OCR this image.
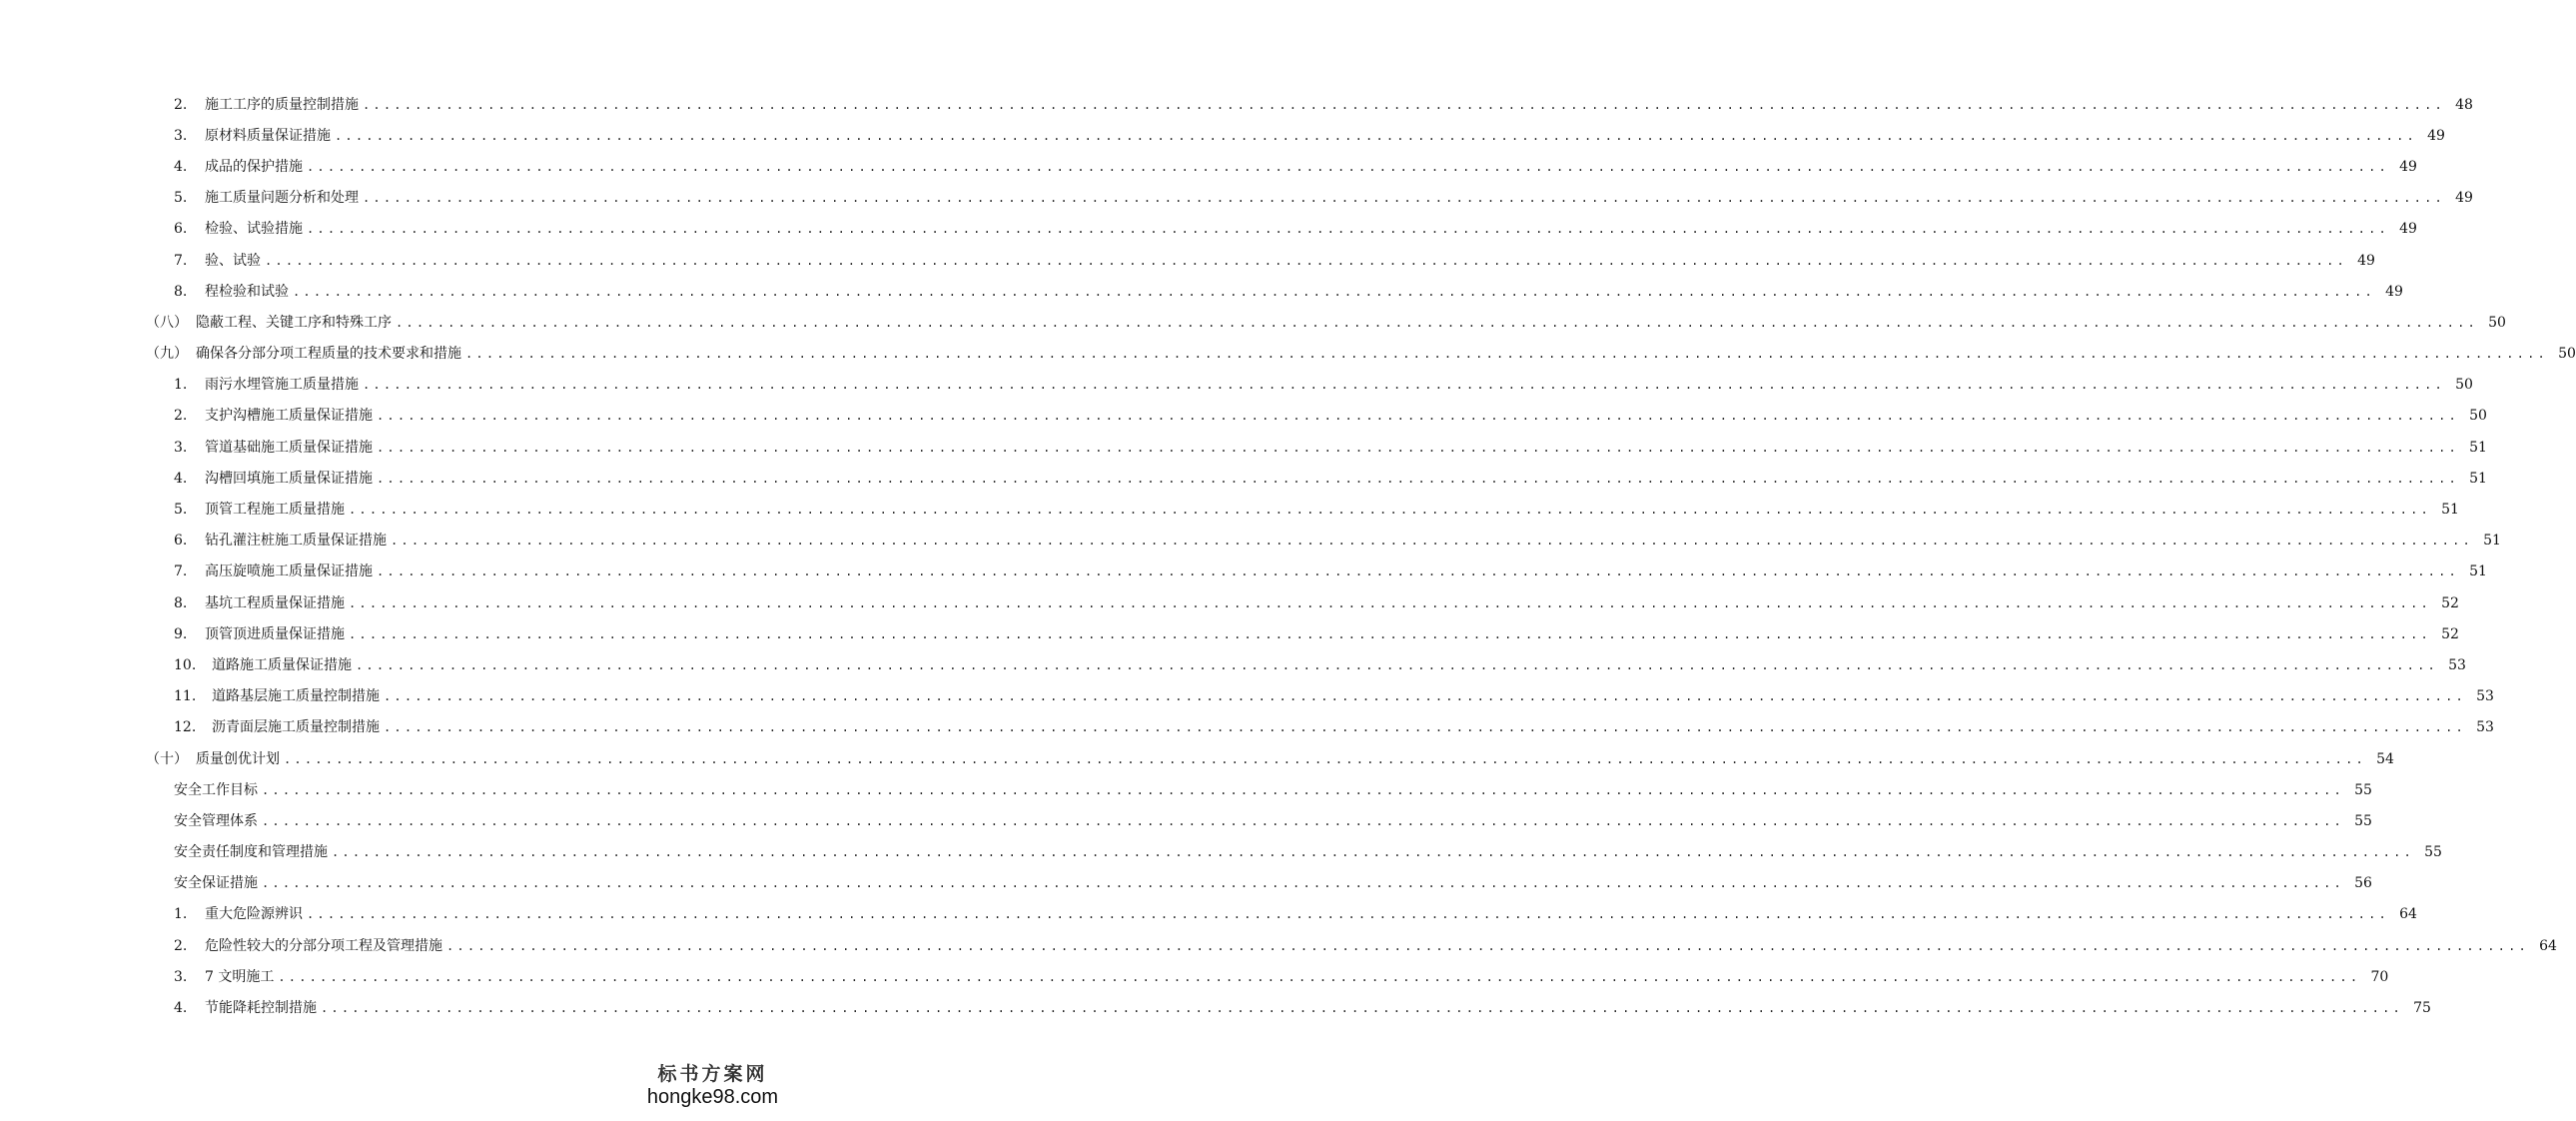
2.	施工工序的质量控制措施 ........................................................................................................................................................................................................ 48
3.	原材料质量保证措施 ........................................................................................................................................................................................................ 49
4.	成品的保护措施 ........................................................................................................................................................................................................ 49
5.	施工质量问题分析和处理 ........................................................................................................................................................................................................ 49
6.	检验、试验措施 ........................................................................................................................................................................................................ 49
7.	验、试验 ........................................................................................................................................................................................................ 49
8.	程检验和试验 ........................................................................................................................................................................................................ 49
（八） 隐蔽工程、关键工序和特殊工序 ........................................................................................................................................................................................................ 50
（九） 确保各分部分项工程质量的技术要求和措施 ........................................................................................................................................................................................................ 50
1.	雨污水埋管施工质量措施 ........................................................................................................................................................................................................ 50
2.	支护沟槽施工质量保证措施 ........................................................................................................................................................................................................ 50
3.	管道基础施工质量保证措施 ........................................................................................................................................................................................................ 51
4.	沟槽回填施工质量保证措施 ........................................................................................................................................................................................................ 51
5.	顶管工程施工质量措施 ........................................................................................................................................................................................................ 51
6.	钻孔灌注桩施工质量保证措施 ........................................................................................................................................................................................................ 51
7.	高压旋喷施工质量保证措施 ........................................................................................................................................................................................................ 51
8.	基坑工程质量保证措施 ........................................................................................................................................................................................................ 52
9.	顶管顶进质量保证措施 ........................................................................................................................................................................................................ 52
10.	道路施工质量保证措施 ........................................................................................................................................................................................................ 53
11.	道路基层施工质量控制措施 ........................................................................................................................................................................................................ 53
12.	沥青面层施工质量控制措施 ........................................................................................................................................................................................................ 53
（十） 质量创优计划 ........................................................................................................................................................................................................ 54
安全工作目标 ........................................................................................................................................................................................................ 55
安全管理体系 ........................................................................................................................................................................................................ 55
安全责任制度和管理措施 ........................................................................................................................................................................................................ 55
安全保证措施 ........................................................................................................................................................................................................ 56
1.	重大危险源辨识 ........................................................................................................................................................................................................ 64
2.	危险性较大的分部分项工程及管理措施 ........................................................................................................................................................................................................ 64
3.	7 文明施工 ........................................................................................................................................................................................................ 70
4.	节能降耗控制措施 ........................................................................................................................................................................................................ 75
标书方案网
hongke98.com
